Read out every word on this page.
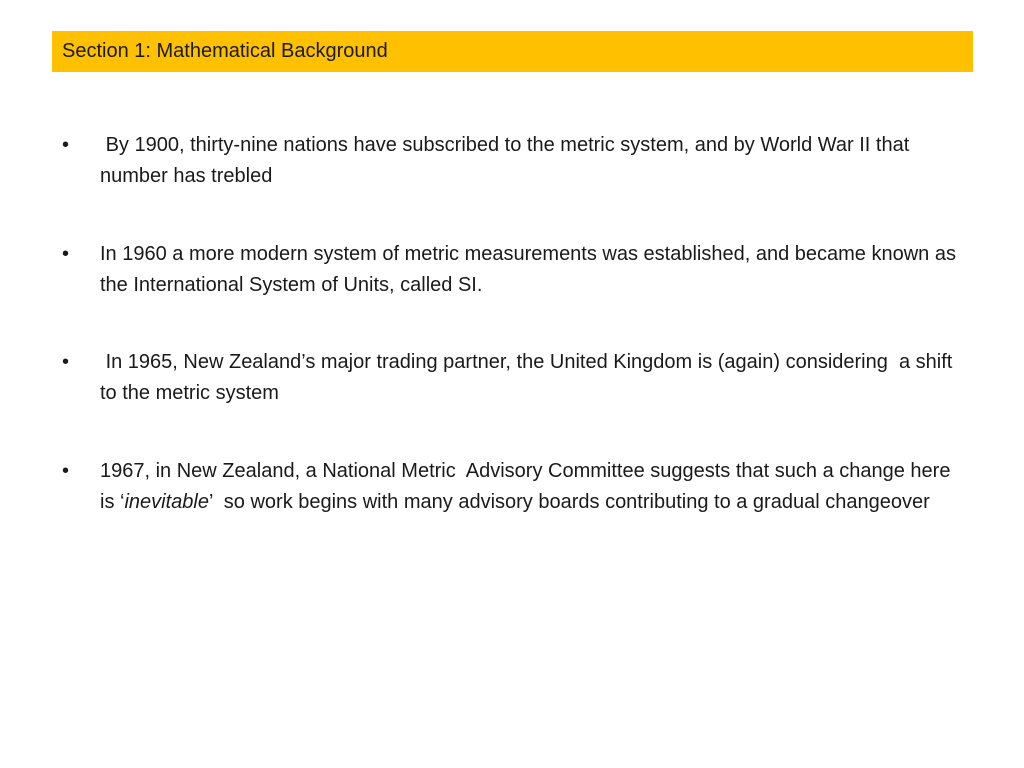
Section 1: Mathematical Background
• By 1900, thirty-nine nations have subscribed to the metric system, and by World War II that number has trebled
• In 1960 a more modern system of metric measurements was established, and became known as the International System of Units, called SI.
• In 1965, New Zealand’s major trading partner, the United Kingdom is (again) considering  a shift to the metric system
• 1967, in New Zealand, a National Metric  Advisory Committee suggests that such a change here is ‘inevitable’  so work begins with many advisory boards contributing to a gradual changeover
